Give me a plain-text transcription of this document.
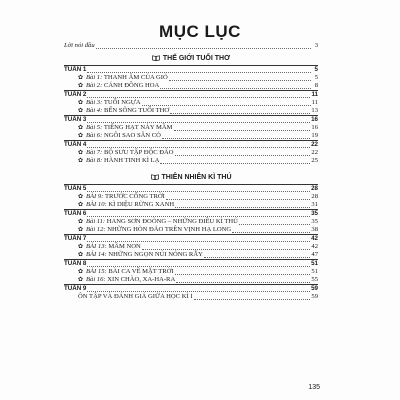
MỤC LỤC
Lời nói đầu	3
THẾ GIỚI TUỔI THƠ
TUẦN 1	5
✿ Bài 1: THANH ÂM CỦA GIÓ	5
✿ Bài 2: CÁNH ĐỒNG HOA	8
TUẦN 2	11
✿ Bài 3: TUỔI NGỰA	11
✿ Bài 4: BẾN SÔNG TUỔI THƠ	13
TUẦN 3	16
✿ Bài 5: TIẾNG HẠT NẢY MẦM	16
✿ Bài 6: NGÔI SAO SÂN CỎ	19
TUẦN 4	22
✿ Bài 7: BỘ SƯU TẬP ĐỘC ĐÁO	22
✿ Bài 8: HÀNH TINH KÌ LẠ	25
THIÊN NHIÊN KÌ THÚ
TUẦN 5	28
✿ BÀI 9: TRƯỚC CỔNG TRỜI	28
✿ BÀI 10: KÌ DIỆU RỪNG XANH	31
TUẦN 6	35
✿ Bài 11: HANG SƠN ĐOÒNG – NHỮNG ĐIỀU KÌ THÚ	35
✿ Bài 12: NHỮNG HÒN ĐẢO TRÊN VỊNH HẠ LONG	38
TUẦN 7	42
✿ BÀI 13: MẦM NON	42
✿ BÀI 14: NHỮNG NGỌN NÚI NÓNG RẪY	47
TUẦN 8	51
✿ BÀI 15: BÀI CA VỀ MẶT TRỜI	51
✿ Bài 16: XIN CHÀO, XA-HA-RA	55
TUẦN 9	59
ÔN TẬP VÀ ĐÁNH GIÁ GIỮA HỌC KÌ I	59
135
